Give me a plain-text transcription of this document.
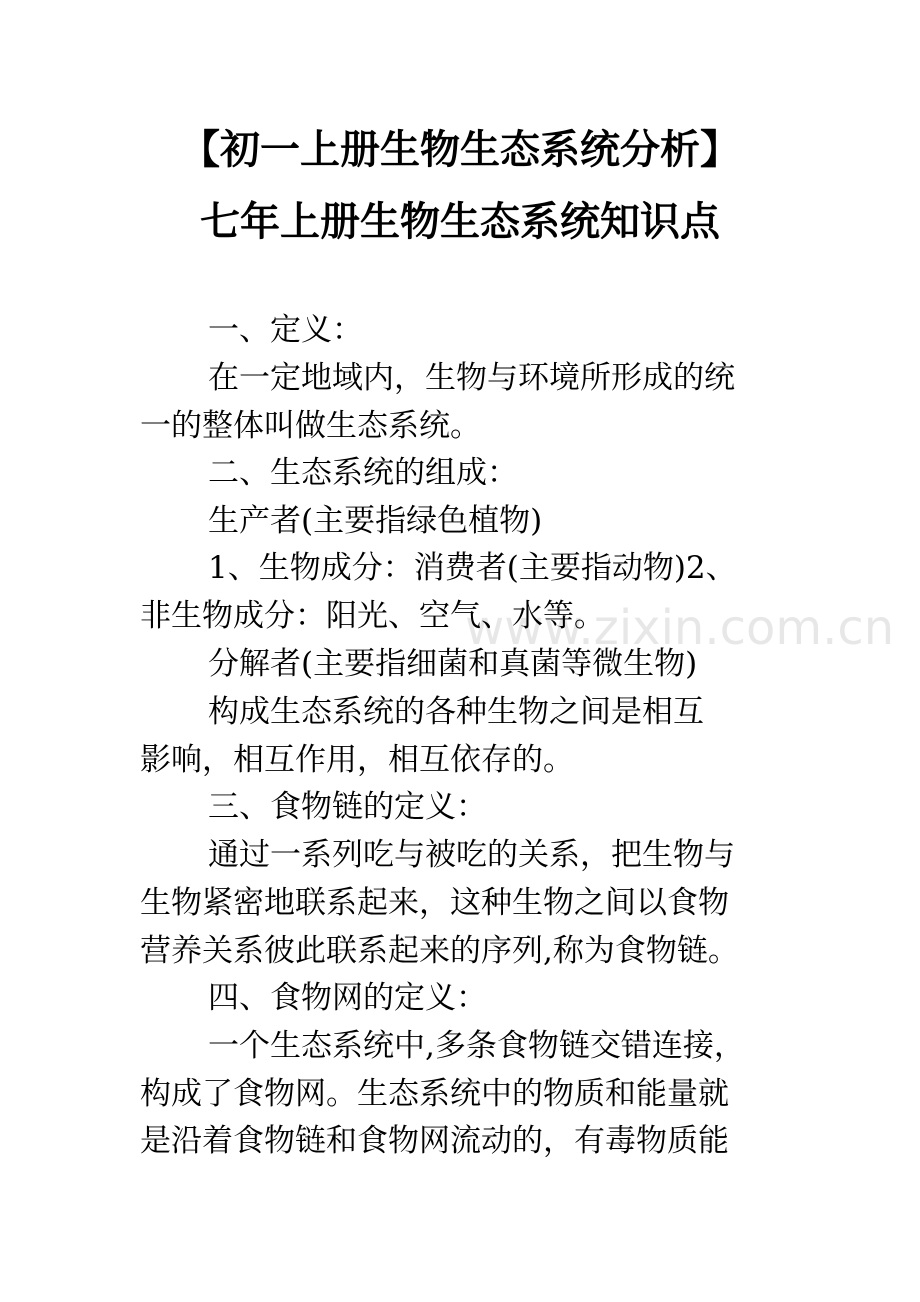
【初一上册生物生态系统分析】
七年上册生物生态系统知识点
一、定义：
在一定地域内，生物与环境所形成的统
一的整体叫做生态系统。
二、生态系统的组成：
生产者(主要指绿色植物)
1、生物成分：消费者(主要指动物)2、
非生物成分：阳光、空气、水等。
分解者(主要指细菌和真菌等微生物)
构成生态系统的各种生物之间是相互
影响，相互作用，相互依存的。
三、食物链的定义：
通过一系列吃与被吃的关系，把生物与
生物紧密地联系起来，这种生物之间以食物
营养关系彼此联系起来的序列,称为食物链。
四、食物网的定义：
一个生态系统中,多条食物链交错连接，
构成了食物网。生态系统中的物质和能量就
是沿着食物链和食物网流动的，有毒物质能
www.zixin.com.cn
